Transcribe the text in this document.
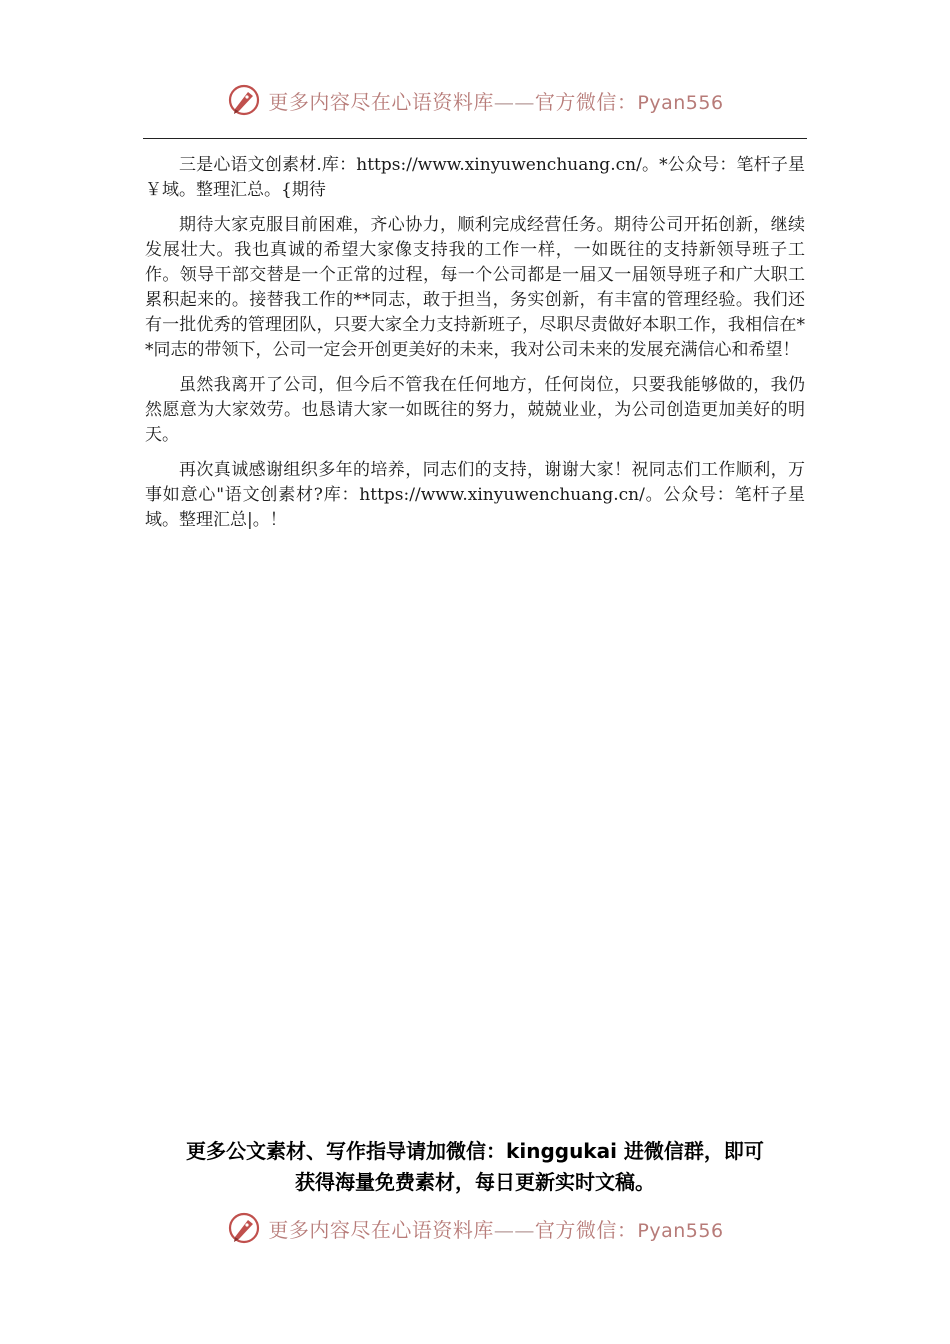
更多内容尽在心语资料库——官方微信：Pyan556

三是心语文创素材.库：https://www.xinyuwenchuang.cn/。*公众号：笔杆子星￥域。整理汇总。{期待

期待大家克服目前困难，齐心协力，顺利完成经营任务。期待公司开拓创新，继续发展壮大。我也真诚的希望大家像支持我的工作一样，一如既往的支持新领导班子工作。领导干部交替是一个正常的过程，每一个公司都是一届又一届领导班子和广大职工累积起来的。接替我工作的**同志，敢于担当，务实创新，有丰富的管理经验。我们还有一批优秀的管理团队，只要大家全力支持新班子，尽职尽责做好本职工作，我相信在**同志的带领下，公司一定会开创更美好的未来，我对公司未来的发展充满信心和希望！

虽然我离开了公司，但今后不管我在任何地方，任何岗位，只要我能够做的，我仍然愿意为大家效劳。也恳请大家一如既往的努力，兢兢业业，为公司创造更加美好的明天。

再次真诚感谢组织多年的培养，同志们的支持，谢谢大家！祝同志们工作顺利，万事如意心"语文创素材?库：https://www.xinyuwenchuang.cn/。公众号：笔杆子星域。整理汇总|。！

更多公文素材、写作指导请加微信：kinggukai 进微信群，即可
获得海量免费素材，每日更新实时文稿。
更多内容尽在心语资料库——官方微信：Pyan556
